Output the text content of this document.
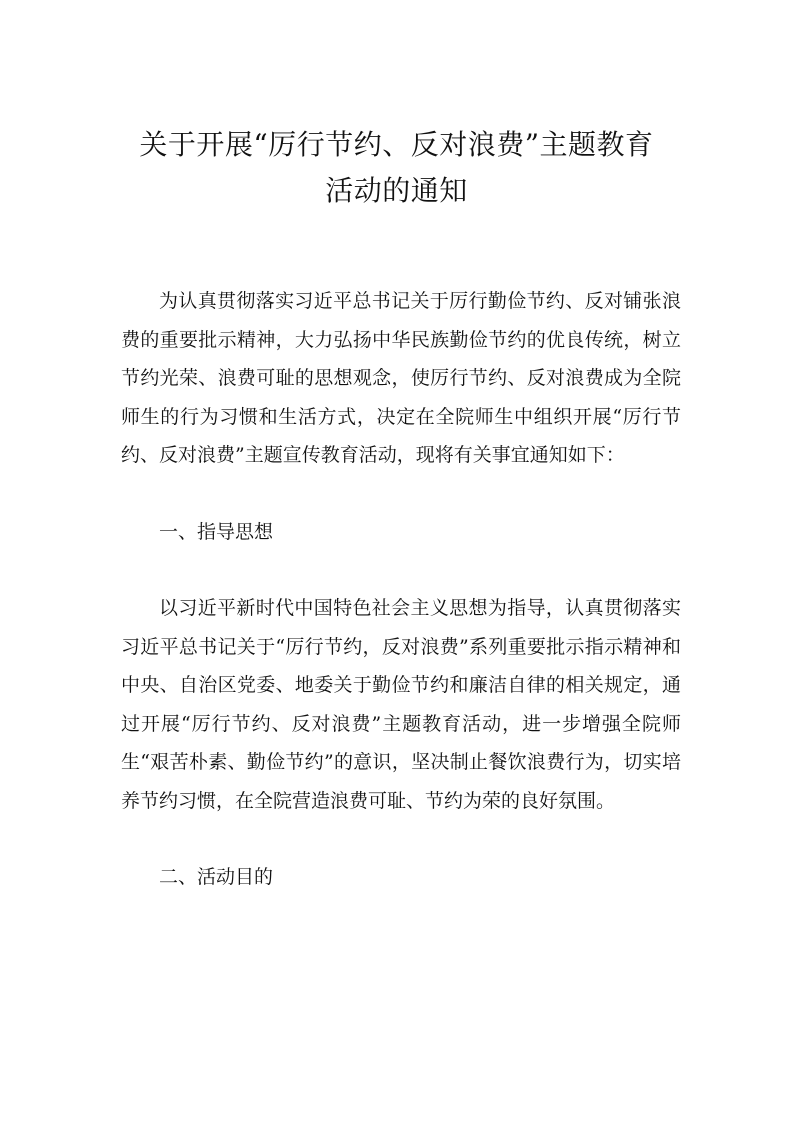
关于开展“厉行节约、反对浪费”主题教育
活动的通知

为认真贯彻落实习近平总书记关于厉行勤俭节约、反对铺张浪费的重要批示精神，大力弘扬中华民族勤俭节约的优良传统，树立节约光荣、浪费可耻的思想观念，使厉行节约、反对浪费成为全院师生的行为习惯和生活方式，决定在全院师生中组织开展“厉行节约、反对浪费”主题宣传教育活动，现将有关事宜通知如下：

一、指导思想

以习近平新时代中国特色社会主义思想为指导，认真贯彻落实习近平总书记关于“厉行节约，反对浪费”系列重要批示指示精神和中央、自治区党委、地委关于勤俭节约和廉洁自律的相关规定，通过开展“厉行节约、反对浪费”主题教育活动，进一步增强全院师生“艰苦朴素、勤俭节约”的意识，坚决制止餐饮浪费行为，切实培养节约习惯，在全院营造浪费可耻、节约为荣的良好氛围。

二、活动目的
